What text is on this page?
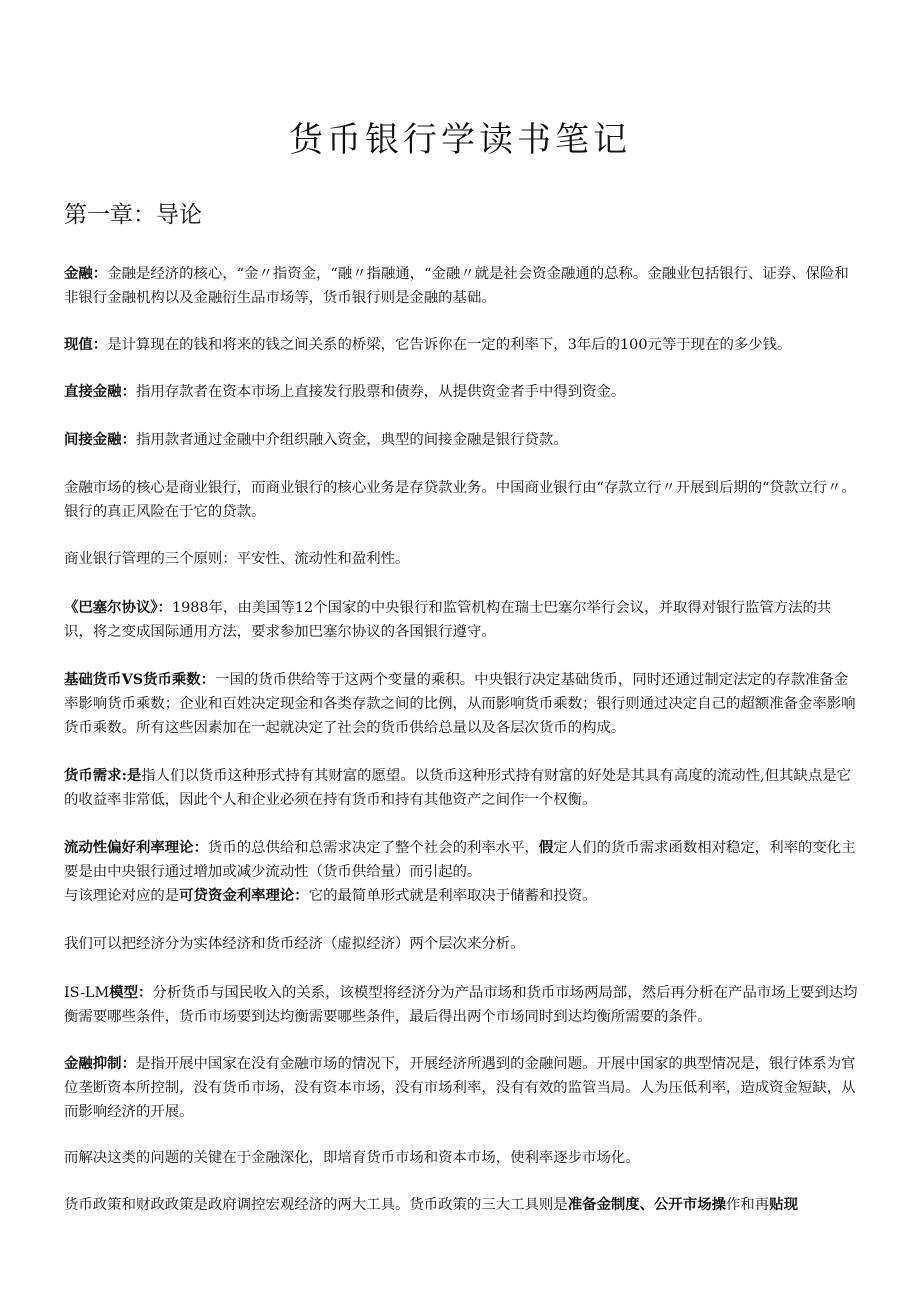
货币银行学读书笔记
第一章：导论

金融：金融是经济的核心，“金〃指资金，“融〃指融通，“金融〃就是社会资金融通的总称。金融业包括银行、证券、保险和非银行金融机构以及金融衍生品市场等，货币银行则是金融的基础。

现值：是计算现在的钱和将来的钱之间关系的桥梁，它告诉你在一定的利率下，3年后的100元等于现在的多少钱。

直接金融：指用存款者在资本市场上直接发行股票和债券，从提供资金者手中得到资金。

间接金融：指用款者通过金融中介组织融入资金，典型的间接金融是银行贷款。

金融市场的核心是商业银行，而商业银行的核心业务是存贷款业务。中国商业银行由“存款立行〃开展到后期的“贷款立行〃。银行的真正风险在于它的贷款。

商业银行管理的三个原则：平安性、流动性和盈利性。

《巴塞尔协议》：1988年，由美国等12个国家的中央银行和监管机构在瑞士巴塞尔举行会议，并取得对银行监管方法的共识，将之变成国际通用方法，要求参加巴塞尔协议的各国银行遵守。

基础货币VS货币乘数：一国的货币供给等于这两个变量的乘积。中央银行决定基础货币，同时还通过制定法定的存款准备金率影响货币乘数；企业和百姓决定现金和各类存款之间的比例，从而影响货币乘数；银行则通过决定自己的超额准备金率影响货币乘数。所有这些因素加在一起就决定了社会的货币供给总量以及各层次货币的构成。

货币需求:是指人们以货币这种形式持有其财富的愿望。以货币这种形式持有财富的好处是其具有高度的流动性,但其缺点是它的收益率非常低，因此个人和企业必须在持有货币和持有其他资产之间作一个权衡。

流动性偏好利率理论：货币的总供给和总需求决定了整个社会的利率水平，假定人们的货币需求函数相对稳定，利率的变化主要是由中央银行通过增加或减少流动性（货币供给量）而引起的。
与该理论对应的是可贷资金利率理论：它的最简单形式就是利率取决于储蓄和投资。

我们可以把经济分为实体经济和货币经济（虚拟经济）两个层次来分析。

IS-LM模型：分析货币与国民收入的关系，该模型将经济分为产品市场和货币市场两局部，然后再分析在产品市场上要到达均衡需要哪些条件，货币市场要到达均衡需要哪些条件，最后得出两个市场同时到达均衡所需要的条件。

金融抑制：是指开展中国家在没有金融市场的情况下，开展经济所遇到的金融问题。开展中国家的典型情况是，银行体系为官位垄断资本所控制，没有货币市场，没有资本市场，没有市场利率，没有有效的监管当局。人为压低利率，造成资金短缺，从而影响经济的开展。

而解决这类的问题的关键在于金融深化，即培育货币市场和资本市场，使利率逐步市场化。

货币政策和财政政策是政府调控宏观经济的两大工具。货币政策的三大工具则是准备金制度、公开市场操作和再贴现
